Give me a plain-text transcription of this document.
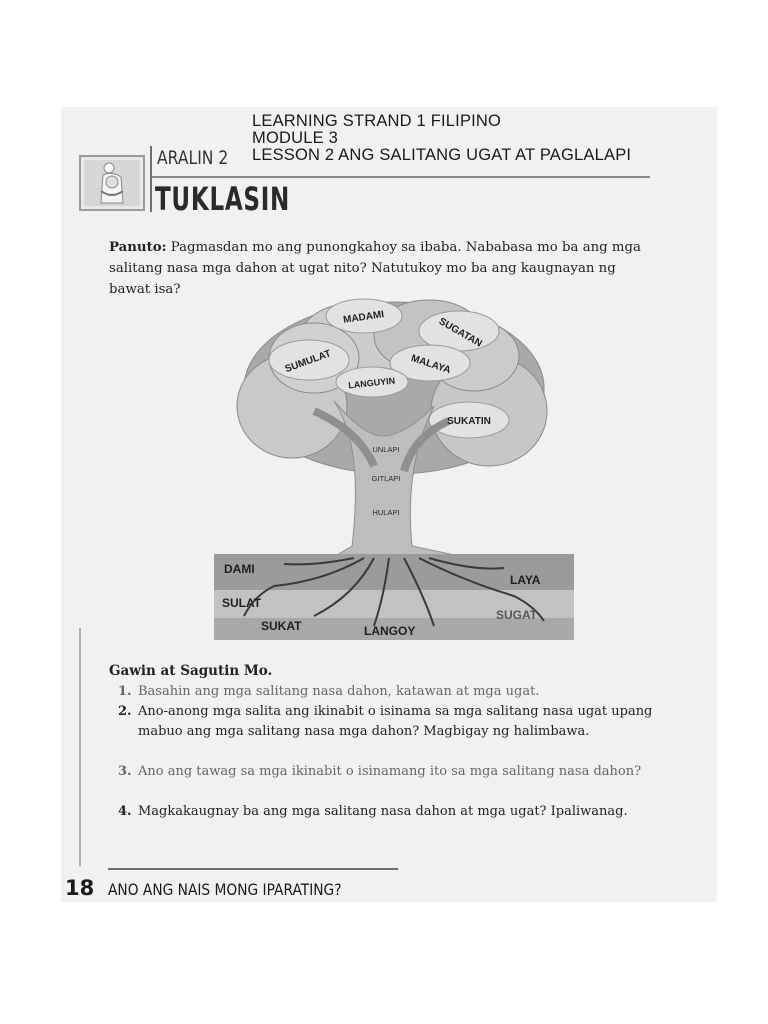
LEARNING STRAND 1 FILIPINO
MODULE 3
LESSON 2 ANG SALITANG UGAT AT PAGLALAPI
ARALIN 2
TUKLASIN
Panuto: Pagmasdan mo ang punongkahoy sa ibaba. Nababasa mo ba ang mga salitang nasa mga dahon at ugat nito? Natutukoy mo ba ang kaugnayan ng bawat isa?
MADAMI	SUGATAN
SUMULAT	MALAYA
LANGUYIN
SUKATIN
UNLAPI
GITLAPI
HULAPI
DAMI
LAYA
SULAT
SUGAT
SUKAT	LANGOY
Gawin at Sagutin Mo.
1. Basahin ang mga salitang nasa dahon, katawan at mga ugat.
2. Ano-anong mga salita ang ikinabit o isinama sa mga salitang nasa ugat upang mabuo ang mga salitang nasa mga dahon? Magbigay ng halimbawa.
3. Ano ang tawag sa mga ikinabit o isinamang ito sa mga salitang nasa dahon?
4. Magkakaugnay ba ang mga salitang nasa dahon at mga ugat? Ipaliwanag.
18 ANO ANG NAIS MONG IPARATING?
